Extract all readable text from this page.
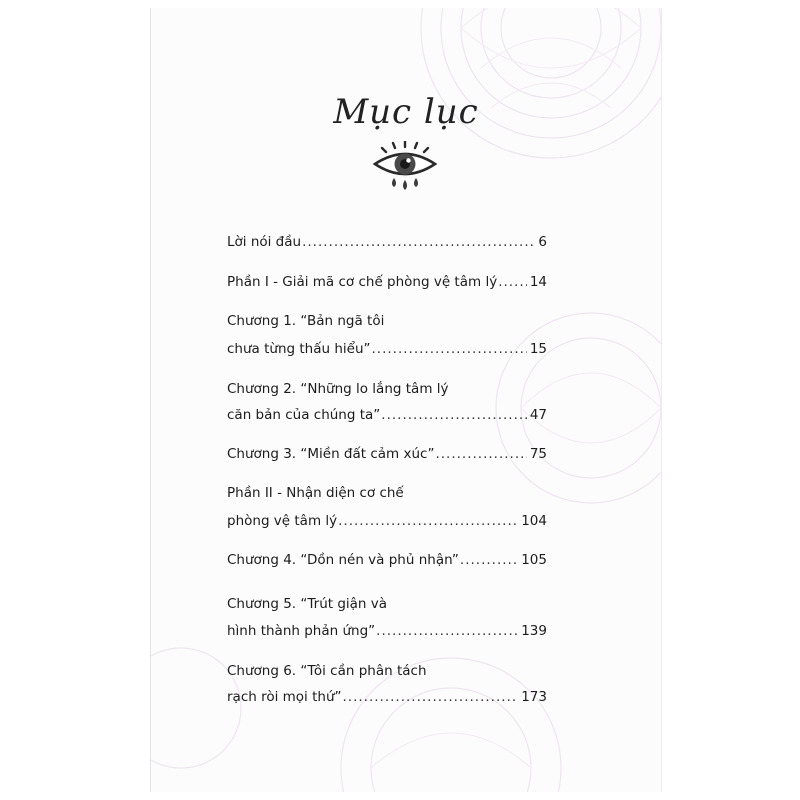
Mục lục
Lời nói đầu .....	6
Phần I - Giải mã cơ chế phòng vệ tâm lý ..... 14
Chương 1. “Bản ngã tôi
chưa từng thấu hiểu” .....	15
Chương 2. “Những lo lắng tâm lý
căn bản của chúng ta” .....	47
Chương 3. “Miền đất cảm xúc” .....	75
Phần II - Nhận diện cơ chế
phòng vệ tâm lý .....	104
Chương 4. “Dồn nén và phủ nhận” .....	105
Chương 5. “Trút giận và
hình thành phản ứng” .....	139
Chương 6. “Tôi cần phân tách
rạch ròi mọi thứ” .....	173
